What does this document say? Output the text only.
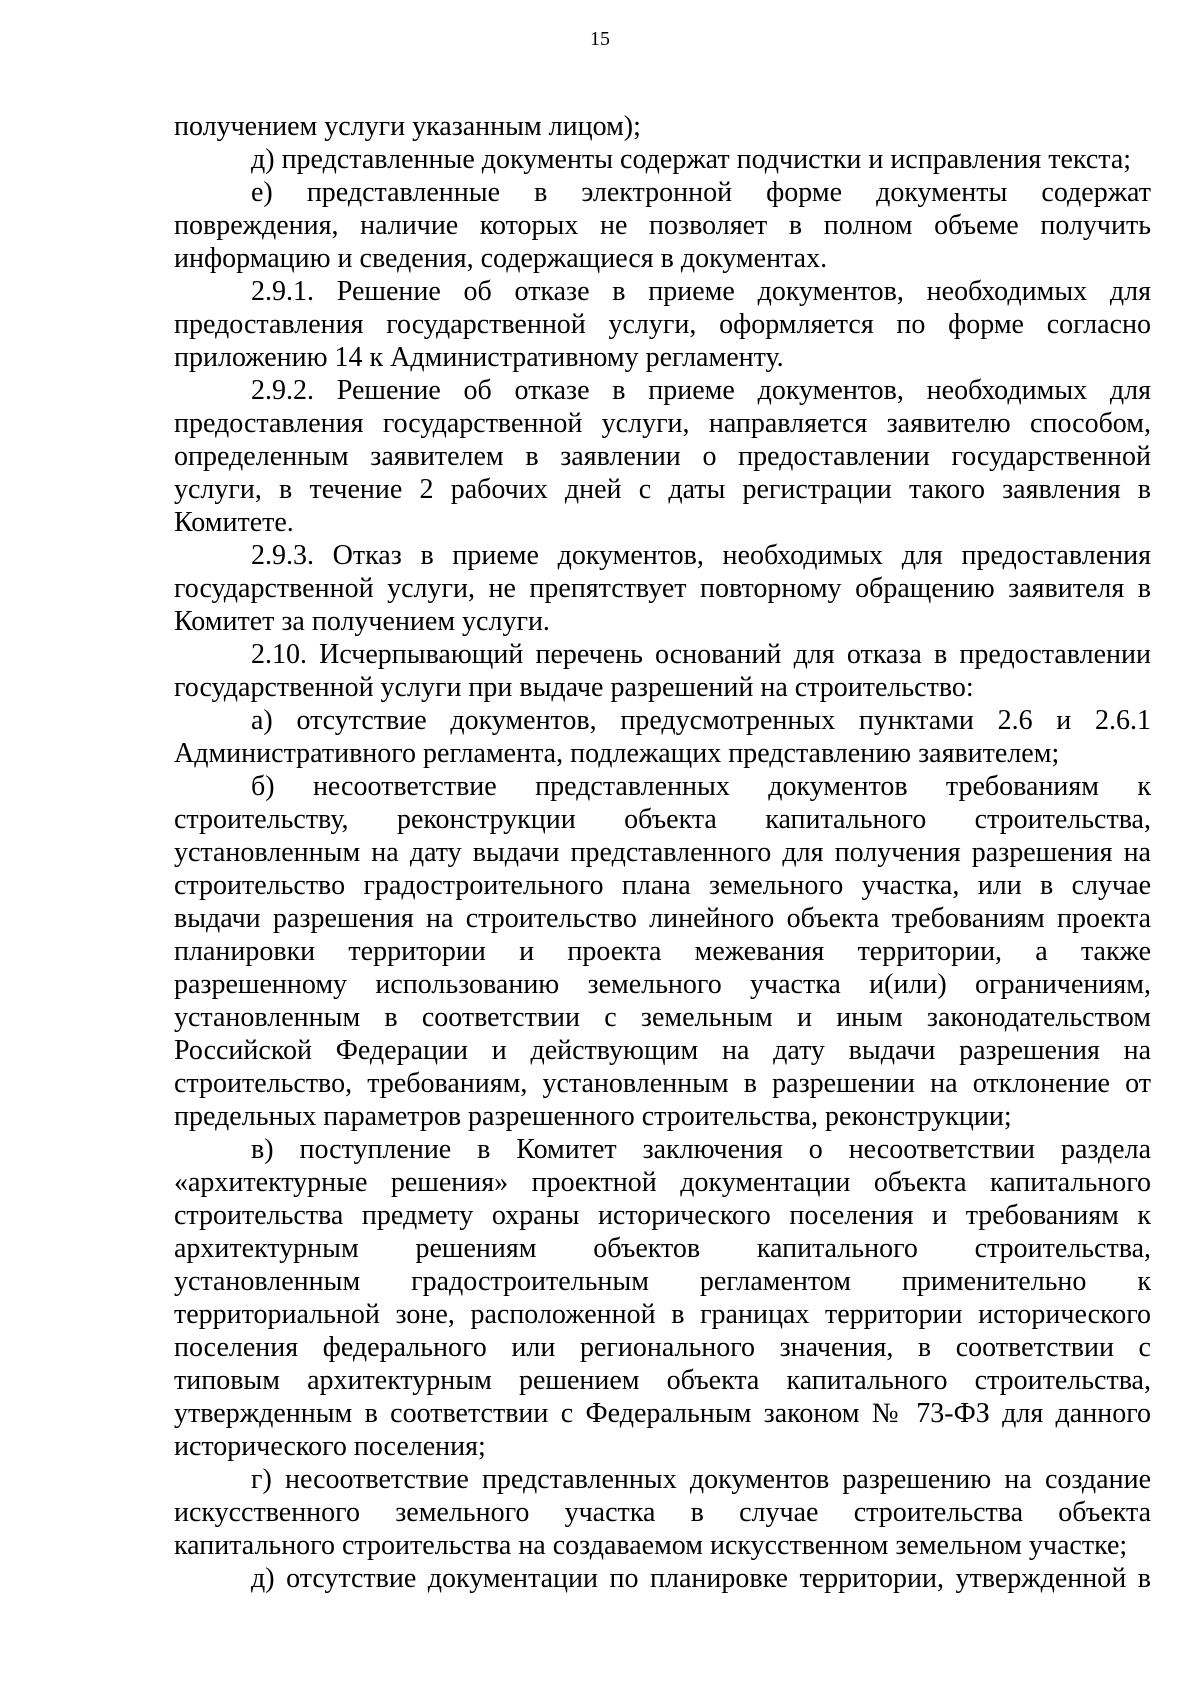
15

получением услуги указанным лицом);

д) представленные документы содержат подчистки и исправления текста;

е) представленные в электронной форме документы содержат

повреждения, наличие которых не позволяет в полном объеме получить

информацию и сведения, содержащиеся в документах.

2.9.1. Решение об отказе в приеме документов, необходимых для

предоставления государственной услуги, оформляется по форме согласно

приложению 14 к Административному регламенту.

2.9.2. Решение об отказе в приеме документов, необходимых для

предоставления государственной услуги, направляется заявителю способом,

определенным заявителем в заявлении о предоставлении государственной

услуги, в течение 2 рабочих дней с даты регистрации такого заявления в

Комитете.

2.9.3. Отказ в приеме документов, необходимых для предоставления

государственной услуги, не препятствует повторному обращению заявителя в

Комитет за получением услуги.

2.10. Исчерпывающий перечень оснований для отказа в предоставлении

государственной услуги при выдаче разрешений на строительство:

а) отсутствие документов, предусмотренных пунктами 2.6 и 2.6.1

Административного регламента, подлежащих представлению заявителем;

б) несоответствие представленных документов требованиям к

строительству, реконструкции объекта капитального строительства,

установленным на дату выдачи представленного для получения разрешения на

строительство градостроительного плана земельного участка, или в случае

выдачи разрешения на строительство линейного объекта требованиям проекта

планировки территории и проекта межевания территории, а также

разрешенному использованию земельного участка и(или) ограничениям,

установленным в соответствии с земельным и иным законодательством

Российской Федерации и действующим на дату выдачи разрешения на

строительство, требованиям, установленным в разрешении на отклонение от

предельных параметров разрешенного строительства, реконструкции;

в) поступление в Комитет заключения о несоответствии раздела

«архитектурные решения» проектной документации объекта капитального

строительства предмету охраны исторического поселения и требованиям к

архитектурным решениям объектов капитального строительства,

установленным градостроительным регламентом применительно к

территориальной зоне, расположенной в границах территории исторического

поселения федерального или регионального значения, в соответствии с

типовым архитектурным решением объекта капитального строительства,

утвержденным в соответствии с Федеральным законом № 73-ФЗ для данного

исторического поселения;

г) несоответствие представленных документов разрешению на создание

искусственного земельного участка в случае строительства объекта

капитального строительства на создаваемом искусственном земельном участке;

д) отсутствие документации по планировке территории, утвержденной в
